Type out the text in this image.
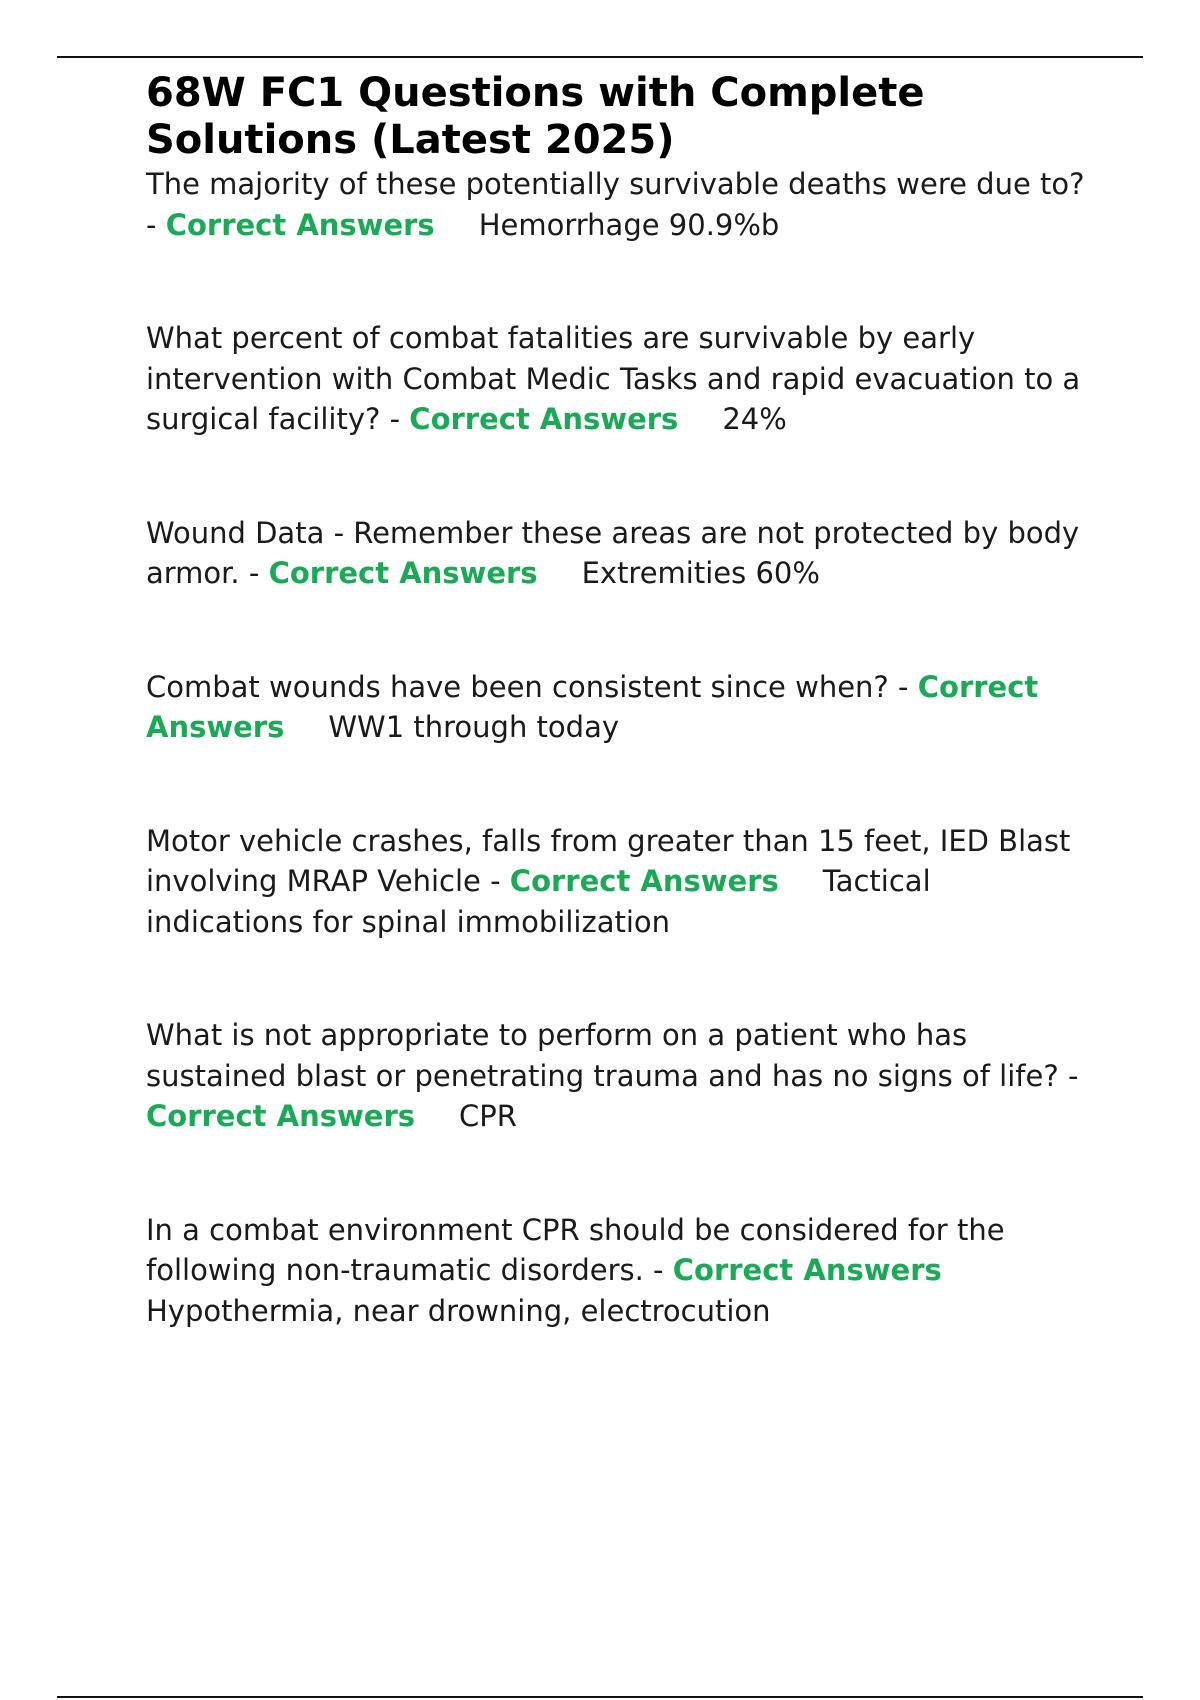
68W FC1 Questions with Complete Solutions (Latest 2025)

The majority of these potentially survivable deaths were due to? - Correct Answers Hemorrhage 90.9%b

What percent of combat fatalities are survivable by early intervention with Combat Medic Tasks and rapid evacuation to a surgical facility? - Correct Answers 24%

Wound Data - Remember these areas are not protected by body armor. - Correct Answers Extremities 60%

Combat wounds have been consistent since when? - Correct Answers WW1 through today

Motor vehicle crashes, falls from greater than 15 feet, IED Blast involving MRAP Vehicle - Correct Answers Tactical indications for spinal immobilization

What is not appropriate to perform on a patient who has sustained blast or penetrating trauma and has no signs of life? - Correct Answers CPR

In a combat environment CPR should be considered for the following non-traumatic disorders. - Correct AnswersHypothermia, near drowning, electrocution
